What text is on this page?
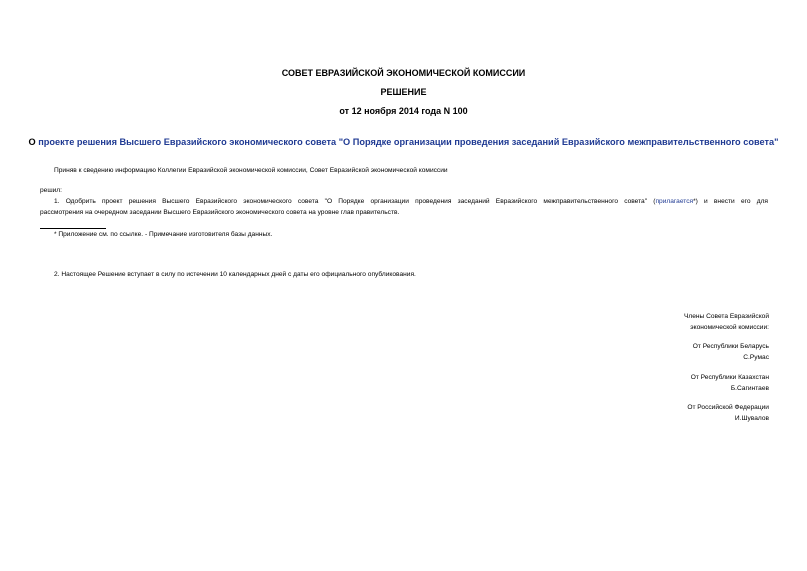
СОВЕТ ЕВРАЗИЙСКОЙ ЭКОНОМИЧЕСКОЙ КОМИССИИ
РЕШЕНИЕ
от 12 ноября 2014 года N 100
О проекте решения Высшего Евразийского экономического совета "О Порядке организации проведения заседаний Евразийского межправительственного совета"
Приняв к сведению информацию Коллегии Евразийской экономической комиссии, Совет Евразийской экономической комиссии
решил:
1. Одобрить проект решения Высшего Евразийского экономического совета "О Порядке организации проведения заседаний Евразийского межправительственного совета" (прилагается*) и внести его для
рассмотрения на очередном заседании Высшего Евразийского экономического совета на уровне глав правительств.
* Приложение см. по ссылке. - Примечание изготовителя базы данных.
2. Настоящее Решение вступает в силу по истечении 10 календарных дней с даты его официального опубликования.
Члены Совета Евразийской
экономической комиссии:
От Республики Беларусь
С.Румас
От Республики Казахстан
Б.Сагинтаев
От Российской Федерации
И.Шувалов
